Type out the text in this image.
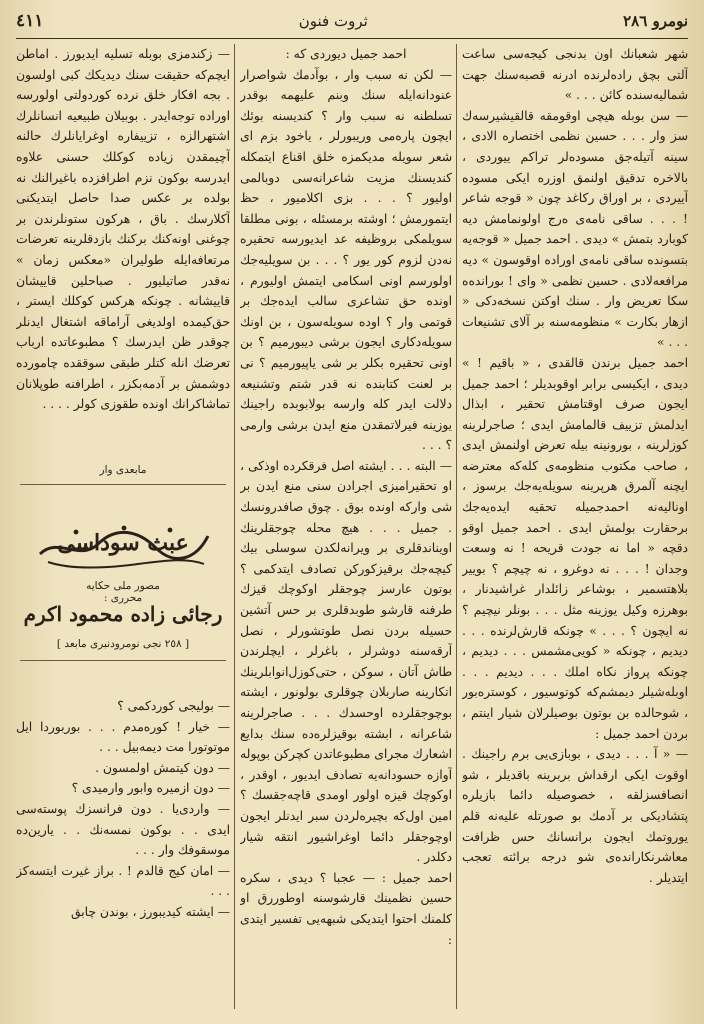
نومرو ٢٨٦
ثروت فنون
٤١١

شهر شعبانك اون بدنجی کیجه‌سی ساعت آلتی بچق راده‌لرنده ادرنه قصبه‌سنك جهت شماليه‌سنده کائن . . . »

— سن بوبله هیچی اوقومقه قالقیشیرسه‌ك سز وار . . . حسین نظمی اختصاره الادی ، سینه آتیله‌جق مسوده‌لر تراکم ییوردی ، بالاخره تدقیق اولنمق اوزره ایکی مسوده آییردی ، بر اوراق رکاغد چون « قوجه شاعر ! . . . ساقی نامه‌ی ه‌رج اولونمامش دیه کوبارد بتمش » دیدی . احمد جمیل « قوجه‌یه بتسونده ساقی نامه‌ی اوراده اوقوسون » دیه مرافعه‌لادی . حسین نظمی « وای ! بورانده‌ه ‌سکا تعریض وار . سنك اوکتن نسخه‌دکی « ازهار بکارت » منظومه‌سنه بر آلای تشنیعات . . . »

احمد جمیل برندن قالقدی ، « باقیم ! » دیدی ، ایکیسی برابر اوقوبدیلر ؛ احمد جمیل ایجون صرف اوقتامش تحقیر ، ابذال ایدلمش تزییف قالمامش ایدی ؛ صاجرلرینه کوزلرینه ، بورونینه بیله تعرض اولنمش ایدی ، صاحب مکتوب منظومه‌ی کله‌که معترضه ایچنه آلمرق هرپرینه سویله‌یه‌جك برسوز ، اونالیه‌نه احمدجمیله تحقیه ایده‌یه‌جك برحقارت بولمش ایدی . احمد جمیل اوقو دقچه « اما نه جودت قریحه ! نه وسعت وجدان ! . . . نه دوغرو ، نه چیچم ؟ بوییر بلاهتسمیر ، بوشاعر زائلدار غراشیدنار ، بوهرزه وکیل یوزینه مثل . . . بونلر نیچیم ؟ نه ایچون ؟ . . . » چونکه قارش‌لرنده . . . دیدیم ، چونکه « کویی‌مشمس . . . دیدیم ، چونکه پرواز نکاه املك . . . دیدیم . . . اوبله‌شیلر دیمشم‌که کوتوسیور ، کوستره‌بور ، شوحالده بن بوتون بوصیلرلان شیار اینتم ، بردن احمد جمیل :

— « آ . . . دیدی ، بوبازی‌یی برم راجینك . اوقوت ایکی ارقداش بربرینه باقدیلر ، شو انصافسزلقه ، خصوصیله دائما بازیلره پتشادیکی بر آدمك بو صورتله علیه‌نه قلم یوروتمك ایجون برانسانك حس ظرافت معاشرنکارانده‌ی شو درجه برائته تعجب ایتدیلر .

احمد جمیل دیوردی که :

— لکن نه سبب وار ، بوآدمك شواصرار عنودانه‌ایله سنك وبنم علیهمه بوقدر تسلطنه نه سبب وار ؟ کندیسنه بوئك ایچون پاره‌می وریبورلر ، یاخود بزم ای شعر سویله مدیکمزه خلق اقناع ایتمکله کندیسنك مزیت شاعرانه‌سی دوبالمی اولیور ؟ . . . بزی اکلامیور ، حظ ایتمورمش ؛ اوشته برمسئله ، بونی مطلقا سویلمکی بروظیفه عد ایدیورسه تحقیره نه‌دن لزوم کور یور ؟ . . . بن سویلیه‌جك اولورسم اونی اسکامی ایتمش اولیورم ، اونده حق تشاعری سالب ایده‌جك بر قوتمی وار ؟ اوده سویله‌سون ، بن اونك سویله‌دکاری ایجون برشی دیبورمیم ؟ بن اونی تحقیره بکلر بر شی یاپیورمیم ؟ نی بر لعنت کتابنده نه قدر شتم وتشنیعه دلالت ایدر کله وارسه بولابوبده راجینك یوزینه فیرلاتمقدن منع ایدن برشی وارمی ؟ . . .

— البته . . . ایشته اصل فرقکرده اوذکی ، او تحقیرامیزی اجرادن سنی منع ایدن بر شی وارکه اونده بوق . چوق صافدرونسك . جمیل . . . هیچ محله چوجقلرینك اویناندقلری بر ویرانه‌لکدن سوسلی بیك کیچه‌جك برقیزکورکن تصادف ایتدکمی ؟ بوتون عارسز چوجقلر اوکوچك قیزك طرفنه قارشو طوبدقلری بر حس آتشین حسیله بردن نصل طوتشورلر ، نصل آرقه‌سنه دوشرلر ، باغرلر ، ایچلرندن طاش آتان ، سوکن ، حتی‌کوزل‌انوابلرینك اتکارینه صاربلان چوقلری بولونور ، ایشته بوچوجقلرده اوحسدك . . . صاجرلرینه شاعرانه ، ابشته بوقیزلره‌ده سنك بدایع اشعارك مجرای مطبوعاتدن کچرکن بوپوله آوازه حسودانه‌یه تصادف ایدیور ، اوقدر ، اوکوچك قیزه اولور اومدی قاچه‌جقسك ؟ امین اول‌که بچیره‌لردن سبر ایدنلر ایجون اوچوجقلر دائما اوغراشیور انتقه شیار دکلدر .

احمد جمیل : — عجبا ؟ دیدی ، سکره حسین نظمینك قارشوسنه اوطوررق او کلمنك احتوا ایتدیکی شبهه‌یی تفسیر ایتدی :

— زکندمزی بوبله تسلیه ایدیورز . اماطن ایچم‌که حقیقت سنك دیدیکك کبی اولسون . بجه افکار خلق نرده کوردولتی اولورسه اوراده توجه‌ایدر . بوبیلان طبیعیه انسانلرك اشتهرالزه ، تزییفاره اوغرایانلرك حالنه آچیمقدن زیاده کوکلك حسنی علاوه ایدرسه بوکون نزم اطرافزده باغیرالنك نه بولده بر عکس صدا حاصل ایتدیکنی آکلارسك . باق ، هرکون ستونلرندن بر چوغنی اونه‌کنك برکنك بازدقلرینه تعرضات مرتعافه‌ایله طولیران «معکس زمان » نه‌قدر صاتیلیور . صباحلین قاییشان قاییشانه . چونکه هرکس کوکلك ایستر ، حق‌کیمده اولدیغی آراماقه اشتغال ایدنلر چوقدر ظن ایدرسك ؟ مطبوعاتده ارباب تعرضك انله کتلر طبقی سوققده چامورده دوشمش بر آدمه‌بکزر ، اطرافنه طوپلانان تماشاکرانك اونده طقوزی کولر . . . .

مابعدی وار
عبث سوداسی
مصور ملی حکایه
محرری :
رجائی زاده محمود اکرم
[ ٢٥٨ نجی نومرودنبری مابعد ]

— بوليجی کوردکمی ؟

— خیار ! کوره‌مدم . . . بوربوردا ایل موتوتورا مت دیمه‌بیل . . .

— دون کیتمش اولمسون .

— دون ازمیره وابور وارمیدی ؟

— واردی‌یا . دون فرانسزك پوسته‌سی ایدی . . بوکون نمسه‌نك . . یارین‌ده موسقوفك وار . . .

— امان کیج قالدم ! . براز غیرت ایتسه‌کز . . .

— ایشته کیدیبورز ، بوندن چابق
